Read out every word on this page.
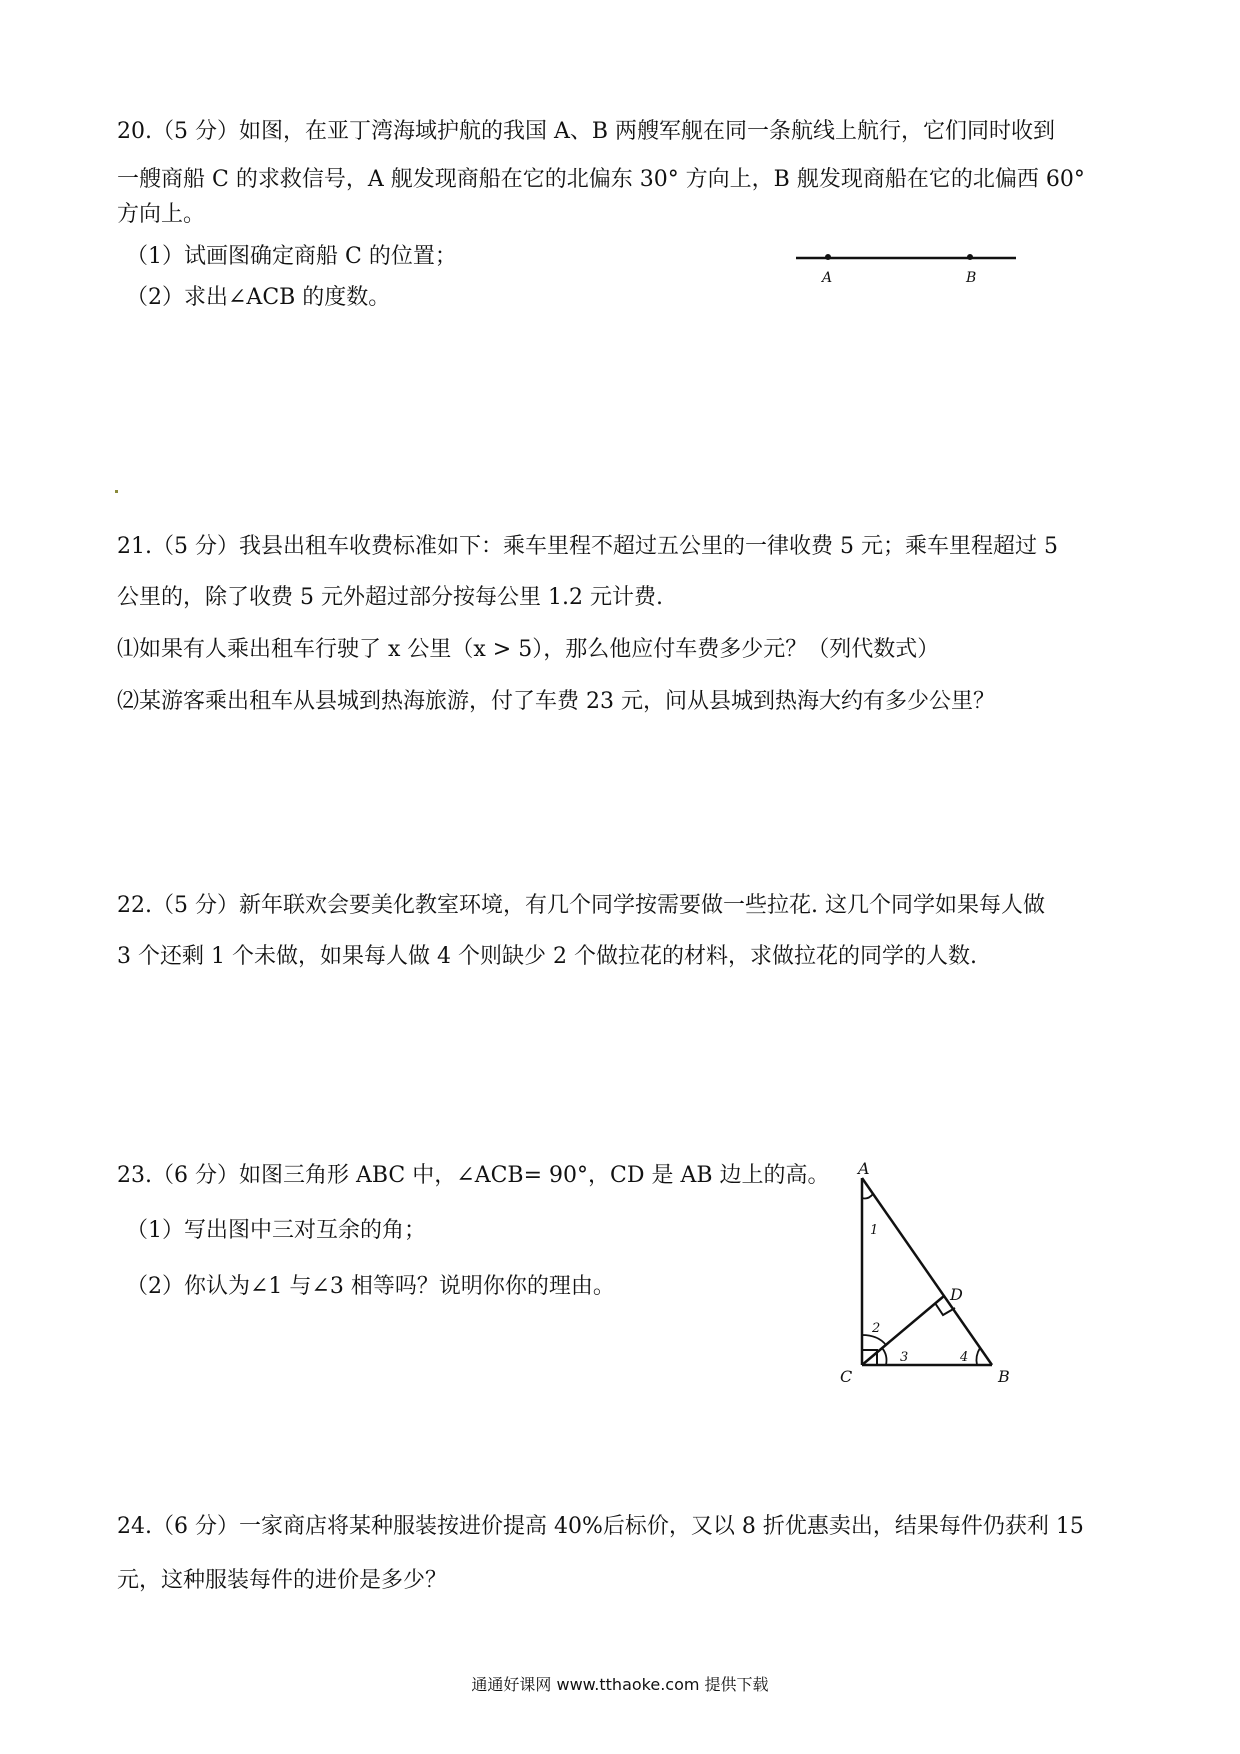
20.（5 分）如图，在亚丁湾海域护航的我国 A、B 两艘军舰在同一条航线上航行，它们同时收到
一艘商船 C 的求救信号，A 舰发现商船在它的北偏东 30° 方向上，B 舰发现商船在它的北偏西 60°
方向上。
（1）试画图确定商船 C 的位置；
（2）求出∠ACB 的度数。
A	B
21.（5 分）我县出租车收费标准如下：乘车里程不超过五公里的一律收费 5 元；乘车里程超过 5
公里的，除了收费 5 元外超过部分按每公里 1.2 元计费.
⑴如果有人乘出租车行驶了 x 公里（x > 5），那么他应付车费多少元？（列代数式）
⑵某游客乘出租车从县城到热海旅游，付了车费 23 元，问从县城到热海大约有多少公里？
22.（5 分）新年联欢会要美化教室环境，有几个同学按需要做一些拉花. 这几个同学如果每人做
3 个还剩 1 个未做，如果每人做 4 个则缺少 2 个做拉花的材料，求做拉花的同学的人数.
23.（6 分）如图三角形 ABC 中，∠ACB= 90°，CD 是 AB 边上的高。
（1）写出图中三对互余的角；
（2）你认为∠1 与∠3 相等吗？说明你你的理由。
A
B
C
D
1
2
3	4
24.（6 分）一家商店将某种服装按进价提高 40%后标价，又以 8 折优惠卖出，结果每件仍获利 15
元，这种服装每件的进价是多少？
通通好课网 www.tthaoke.com 提供下载
